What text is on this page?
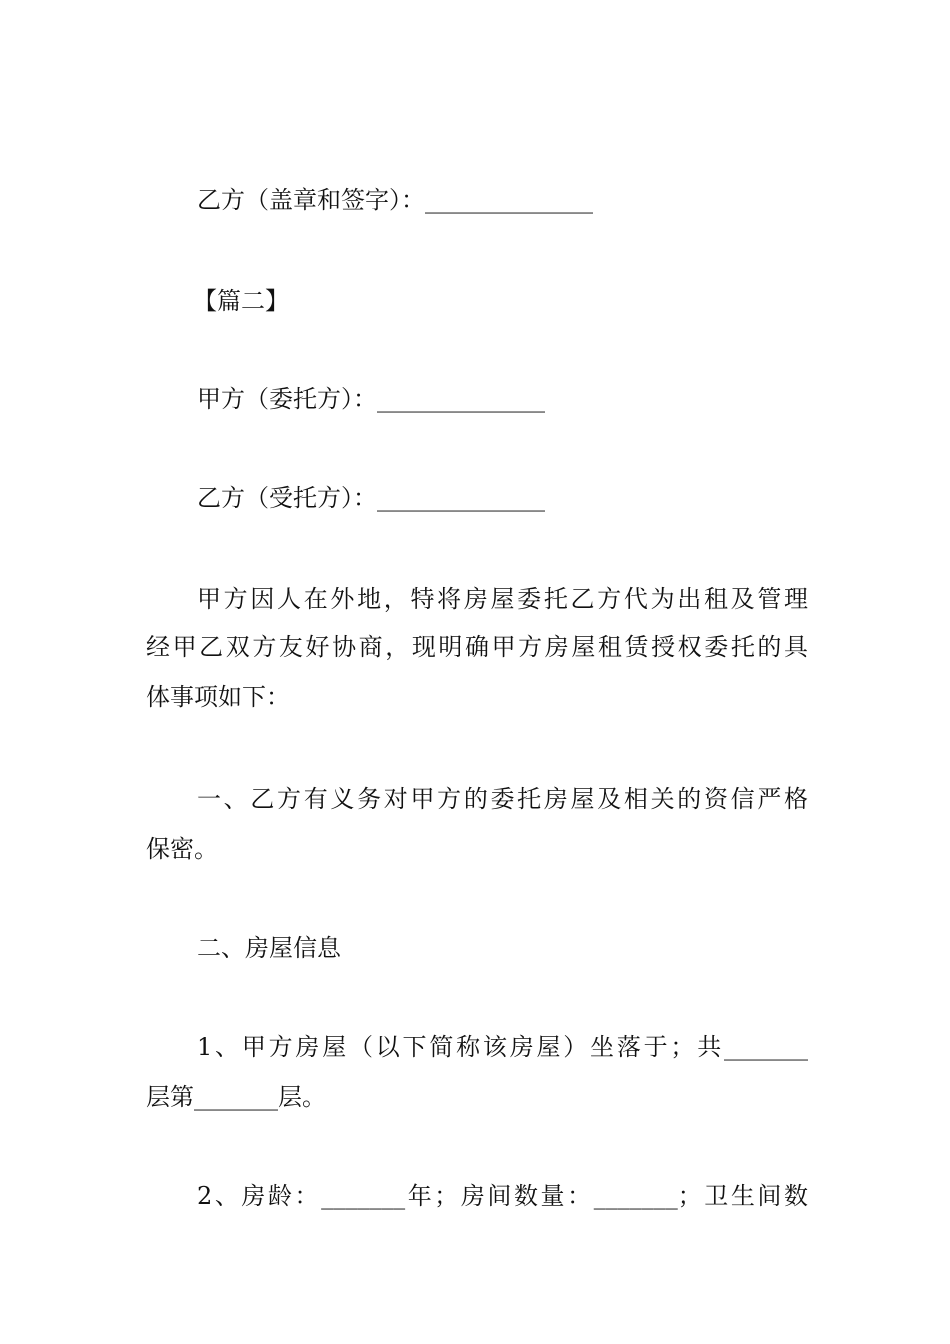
乙方（盖章和签字）：______________
【篇二】
甲方（委托方）：______________
乙方（受托方）：______________
甲方因人在外地，特将房屋委托乙方代为出租及管理
经甲乙双方友好协商，现明确甲方房屋租赁授权委托的具
体事项如下：
一、乙方有义务对甲方的委托房屋及相关的资信严格
保密。
二、房屋信息
1、甲方房屋（以下简称该房屋）坐落于；共_______
层第_______层。
2、房龄：_______年；房间数量：_______；卫生间数
